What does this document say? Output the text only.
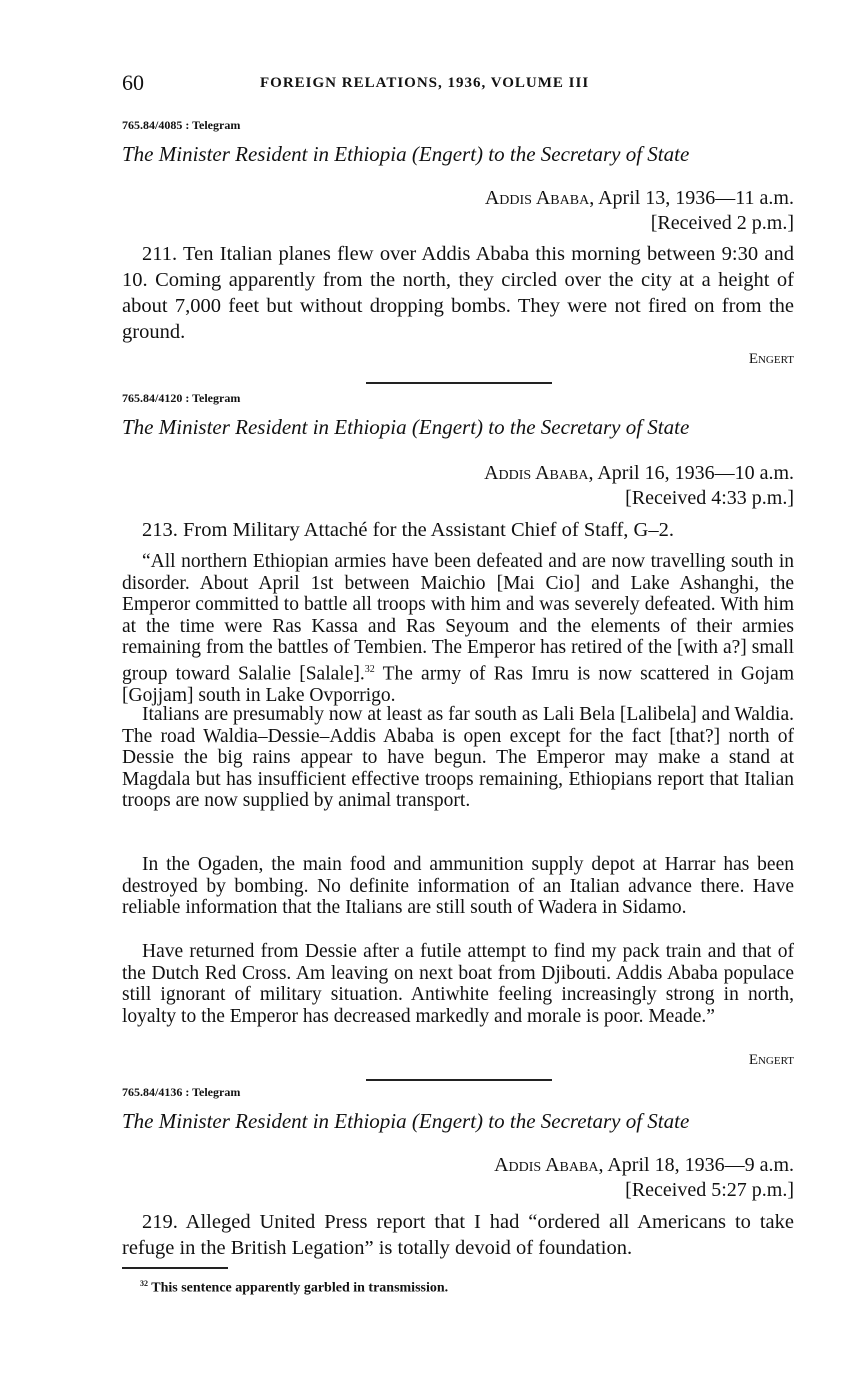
60	FOREIGN RELATIONS, 1936, VOLUME III
765.84/4085 : Telegram
The Minister Resident in Ethiopia (Engert) to the Secretary of State
Addis Ababa, April 13, 1936—11 a.m.
[Received 2 p.m.]
211. Ten Italian planes flew over Addis Ababa this morning between 9:30 and 10. Coming apparently from the north, they circled over the city at a height of about 7,000 feet but without dropping bombs. They were not fired on from the ground.
Engert
765.84/4120 : Telegram
The Minister Resident in Ethiopia (Engert) to the Secretary of State
Addis Ababa, April 16, 1936—10 a.m.
[Received 4:33 p.m.]
213. From Military Attaché for the Assistant Chief of Staff, G–2.
“All northern Ethiopian armies have been defeated and are now travelling south in disorder. About April 1st between Maichio [Mai Cio] and Lake Ashanghi, the Emperor committed to battle all troops with him and was severely defeated. With him at the time were Ras Kassa and Ras Seyoum and the elements of their armies remaining from the battles of Tembien. The Emperor has retired of the [with a?] small group toward Salalie [Salale].$^{32}$ The army of Ras Imru is now scattered in Gojam [Gojjam] south in Lake Ovporrigo.
Italians are presumably now at least as far south as Lali Bela [Lalibela] and Waldia. The road Waldia–Dessie–Addis Ababa is open except for the fact [that?] north of Dessie the big rains appear to have begun. The Emperor may make a stand at Magdala but has insufficient effective troops remaining, Ethiopians report that Italian troops are now supplied by animal transport.
In the Ogaden, the main food and ammunition supply depot at Harrar has been destroyed by bombing. No definite information of an Italian advance there. Have reliable information that the Italians are still south of Wadera in Sidamo.
Have returned from Dessie after a futile attempt to find my pack train and that of the Dutch Red Cross. Am leaving on next boat from Djibouti. Addis Ababa populace still ignorant of military situation. Antiwhite feeling increasingly strong in north, loyalty to the Emperor has decreased markedly and morale is poor. Meade.”
Engert
765.84/4136 : Telegram
The Minister Resident in Ethiopia (Engert) to the Secretary of State
Addis Ababa, April 18, 1936—9 a.m.
[Received 5:27 p.m.]
219. Alleged United Press report that I had “ordered all Americans to take refuge in the British Legation” is totally devoid of foundation.
$^{32}$ This sentence apparently garbled in transmission.
